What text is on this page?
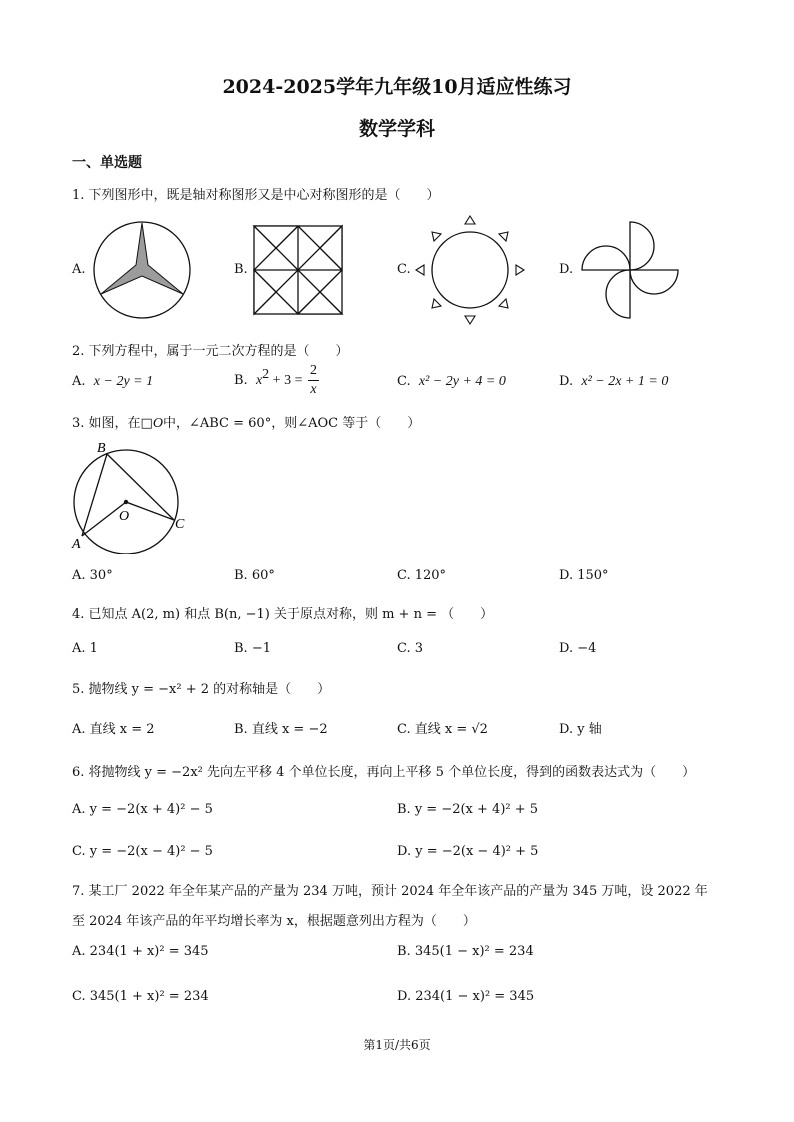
2024-2025学年九年级10月适应性练习
数学学科
一、单选题
1. 下列图形中，既是轴对称图形又是中心对称图形的是（　　）
A.	B.	C.	D.
2. 下列方程中，属于一元二次方程的是（　　）
A. x − 2y = 1	B. $x^2 + 3 = \frac{2}{x}$	C. x² − 2y + 4 = 0	D. x² − 2x + 1 = 0
3. 如图，在□O中，∠ABC = 60°，则∠AOC 等于（　　）
B
A
C
O
A. 30°	B. 60°	C. 120°	D. 150°
4. 已知点 A(2, m) 和点 B(n, −1) 关于原点对称，则 m + n = （　　）
A. 1	B. −1	C. 3	D. −4
5. 抛物线 y = −x² + 2 的对称轴是（　　）
A. 直线 x = 2	B. 直线 x = −2	C. 直线 x = √2	D. y 轴
6. 将抛物线 y = −2x² 先向左平移 4 个单位长度，再向上平移 5 个单位长度，得到的函数表达式为（　　）
A. y = −2(x + 4)² − 5	B. y = −2(x + 4)² + 5
C. y = −2(x − 4)² − 5	D. y = −2(x − 4)² + 5
7. 某工厂 2022 年全年某产品的产量为 234 万吨，预计 2024 年全年该产品的产量为 345 万吨，设 2022 年
至 2024 年该产品的年平均增长率为 x，根据题意列出方程为（　　）
A. 234(1 + x)² = 345	B. 345(1 − x)² = 234
C. 345(1 + x)² = 234	D. 234(1 − x)² = 345
第1页/共6页
